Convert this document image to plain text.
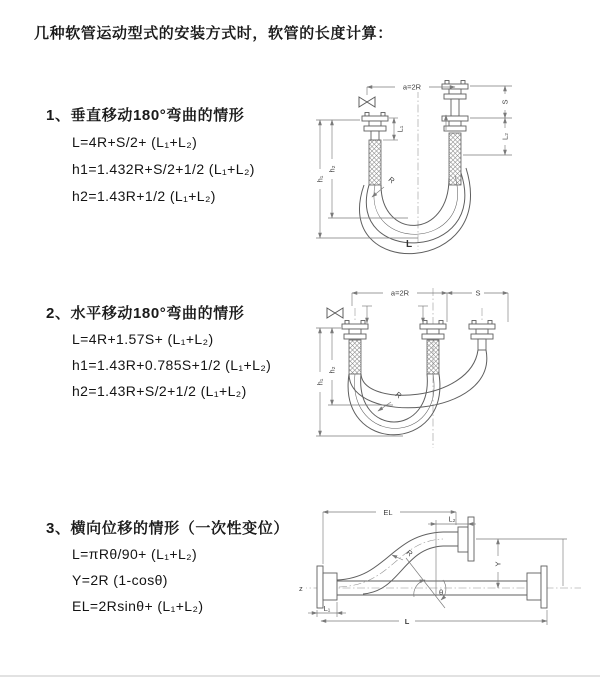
几种软管运动型式的安装方式时，软管的长度计算：
1、垂直移动180°弯曲的情形
L=4R+S/2+ (L₁+L₂)
h1=1.432R+S/2+1/2 (L₁+L₂)
h2=1.43R+1/2 (L₁+L₂)
2、水平移动180°弯曲的情形
L=4R+1.57S+ (L₁+L₂)
h1=1.43R+0.785S+1/2 (L₁+L₂)
h2=1.43R+S/2+1/2 (L₁+L₂)
3、横向位移的情形（一次性变位）
L=πRθ/90+ (L₁+L₂)
Y=2R (1-cosθ)
EL=2Rsinθ+ (L₁+L₂)
a=2R
h₁
h₂
L₁
S
L₂
R
L
a=2R	S
h₁
h₂
R
z
EL
L₂
L₁
L
Y
R
θ
